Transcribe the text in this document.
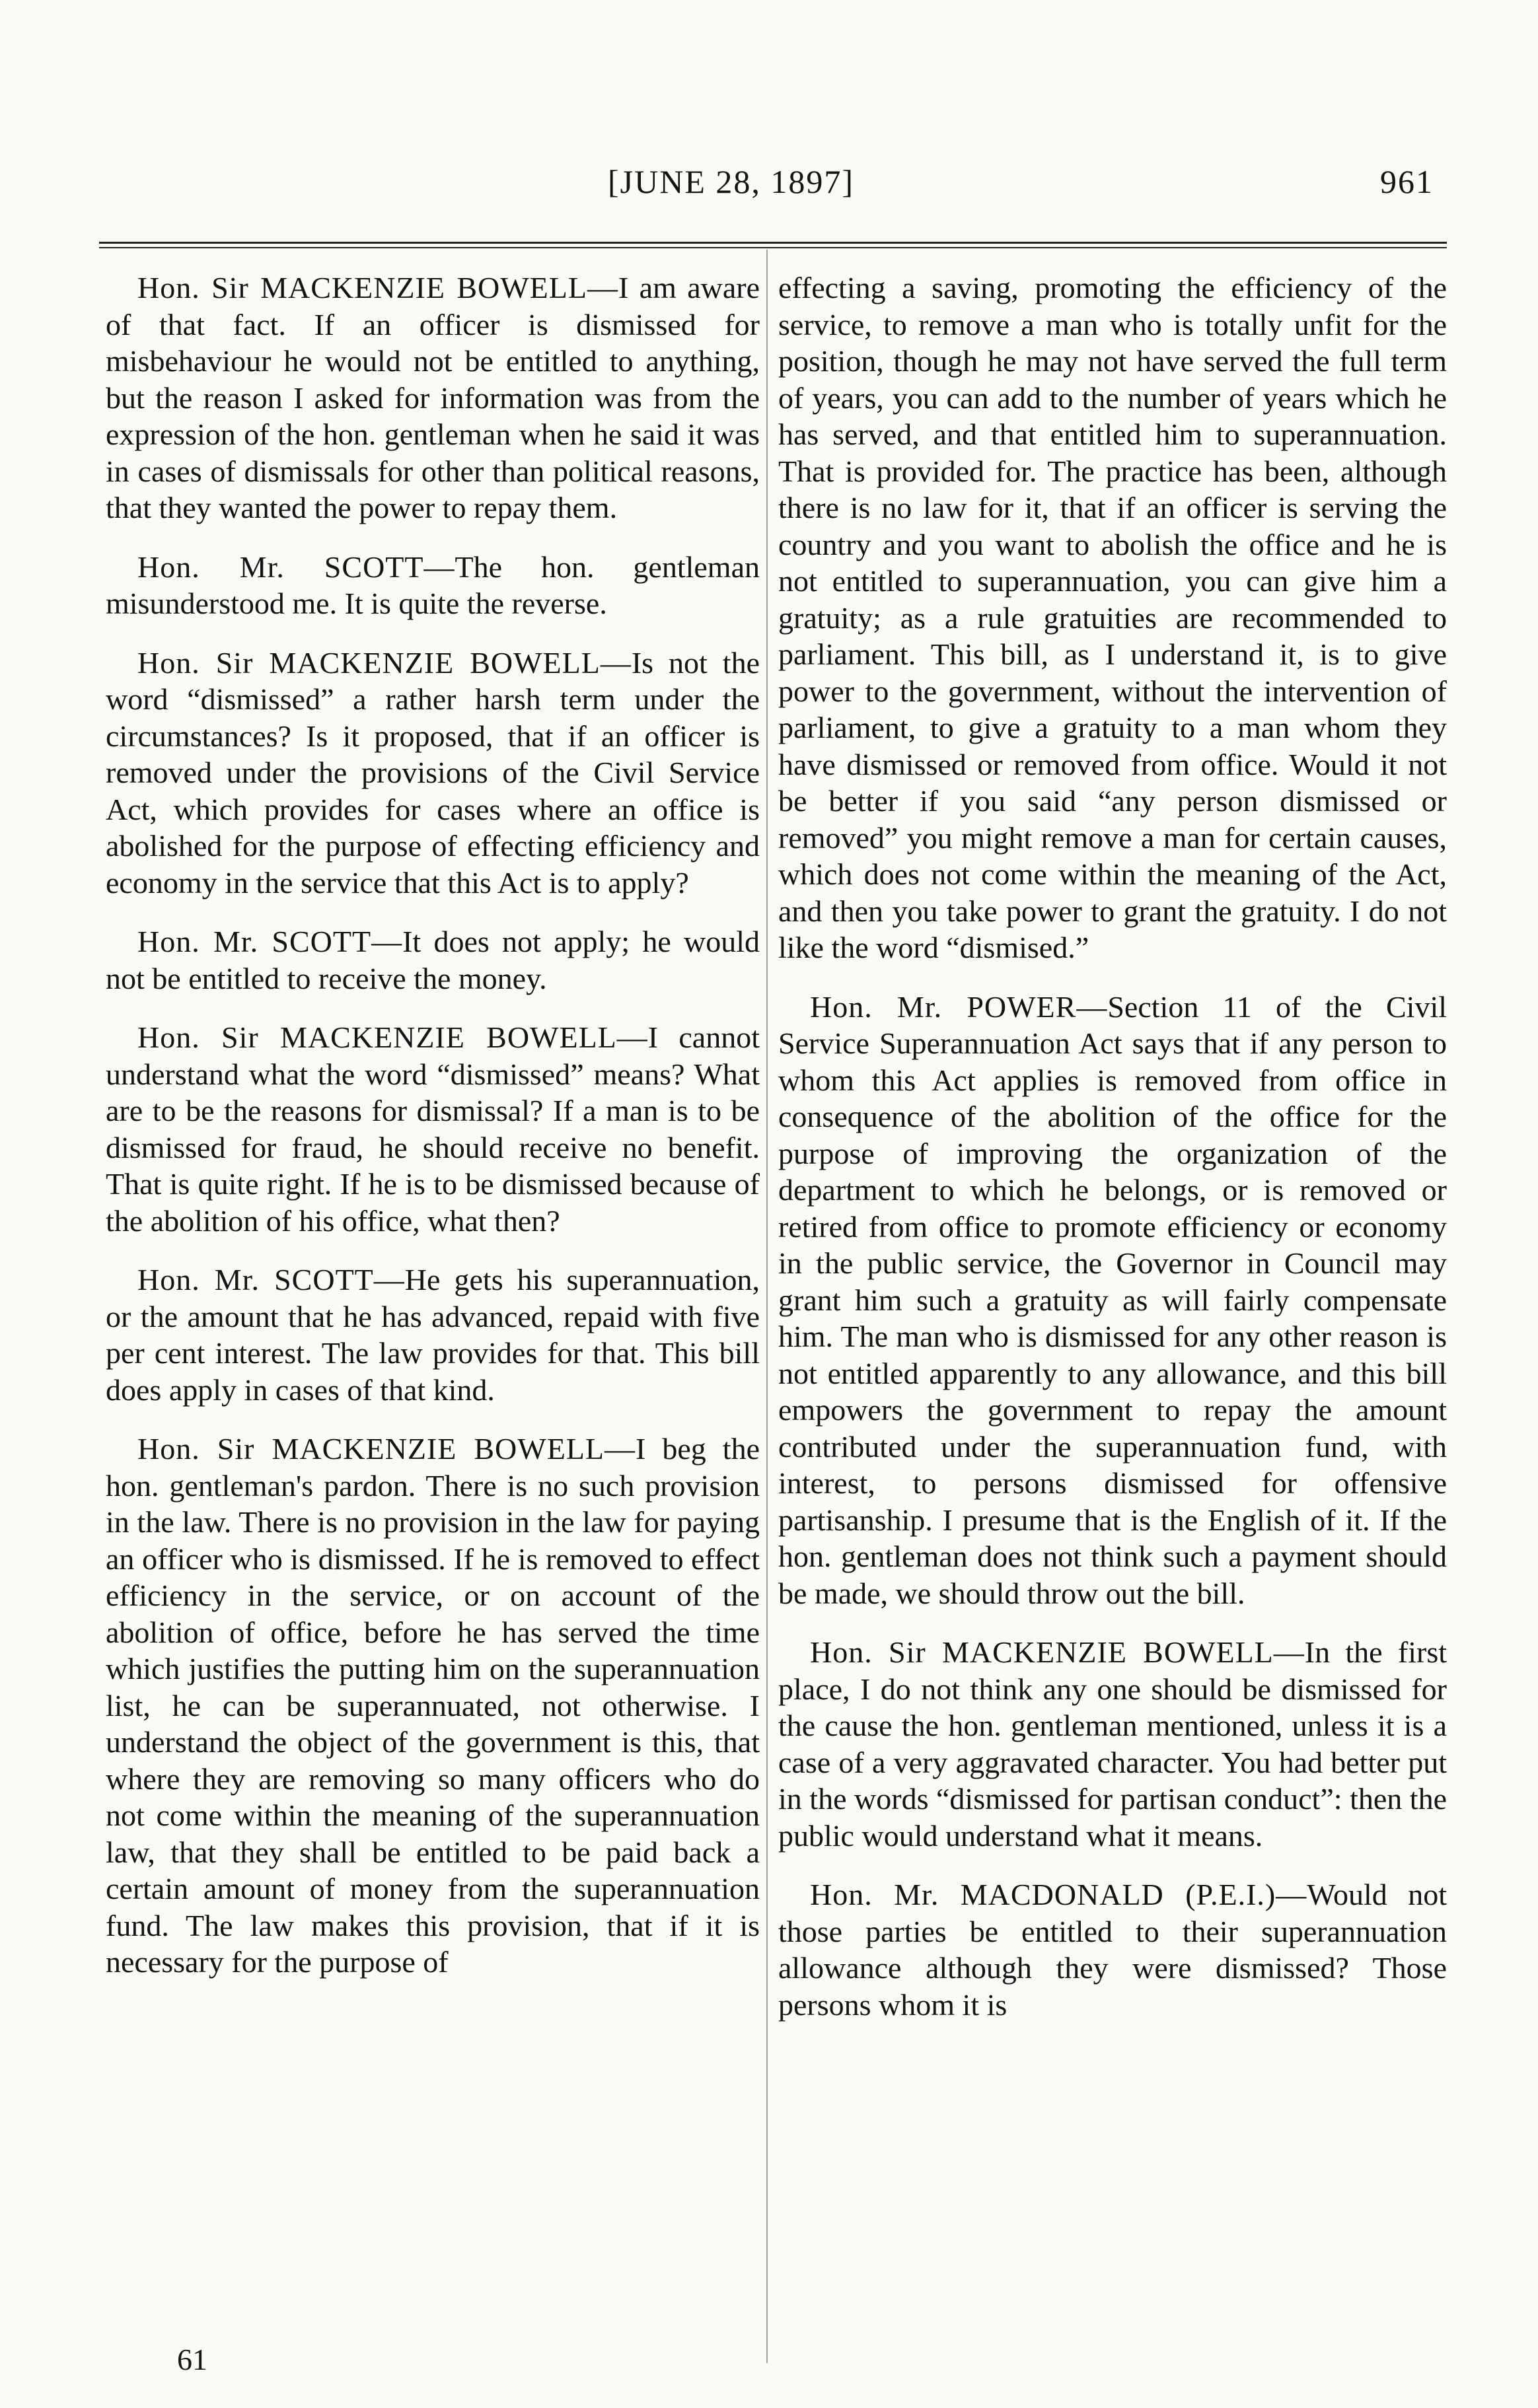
[JUNE 28, 1897]	961

Hon. Sir MACKENZIE BOWELL—I am aware of that fact. If an officer is dismissed for misbehaviour he would not be entitled to anything, but the reason I asked for information was from the expression of the hon. gentleman when he said it was in cases of dismissals for other than political reasons, that they wanted the power to repay them.

Hon. Mr. SCOTT—The hon. gentleman misunderstood me. It is quite the reverse.

Hon. Sir MACKENZIE BOWELL—Is not the word “dismissed” a rather harsh term under the circumstances? Is it proposed, that if an officer is removed under the provisions of the Civil Service Act, which provides for cases where an office is abolished for the purpose of effecting efficiency and economy in the service that this Act is to apply?

Hon. Mr. SCOTT—It does not apply; he would not be entitled to receive the money.

Hon. Sir MACKENZIE BOWELL—I cannot understand what the word “dismissed” means? What are to be the reasons for dismissal? If a man is to be dismissed for fraud, he should receive no benefit. That is quite right. If he is to be dismissed because of the abolition of his office, what then?

Hon. Mr. SCOTT—He gets his superannuation, or the amount that he has advanced, repaid with five per cent interest. The law provides for that. This bill does apply in cases of that kind.

Hon. Sir MACKENZIE BOWELL—I beg the hon. gentleman's pardon. There is no such provision in the law. There is no provision in the law for paying an officer who is dismissed. If he is removed to effect efficiency in the service, or on account of the abolition of office, before he has served the time which justifies the putting him on the superannuation list, he can be superannuated, not otherwise. I understand the object of the government is this, that where they are removing so many officers who do not come within the meaning of the superannuation law, that they shall be entitled to be paid back a certain amount of money from the superannuation fund. The law makes this provision, that if it is necessary for the purpose of

effecting a saving, promoting the efficiency of the service, to remove a man who is totally unfit for the position, though he may not have served the full term of years, you can add to the number of years which he has served, and that entitled him to superannuation. That is provided for. The practice has been, although there is no law for it, that if an officer is serving the country and you want to abolish the office and he is not entitled to superannuation, you can give him a gratuity; as a rule gratuities are recommended to parliament. This bill, as I understand it, is to give power to the government, without the intervention of parliament, to give a gratuity to a man whom they have dismissed or removed from office. Would it not be better if you said “any person dismissed or removed” you might remove a man for certain causes, which does not come within the meaning of the Act, and then you take power to grant the gratuity. I do not like the word “dismised.”

Hon. Mr. POWER—Section 11 of the Civil Service Superannuation Act says that if any person to whom this Act applies is removed from office in consequence of the abolition of the office for the purpose of improving the organization of the department to which he belongs, or is removed or retired from office to promote efficiency or economy in the public service, the Governor in Council may grant him such a gratuity as will fairly compensate him. The man who is dismissed for any other reason is not entitled apparently to any allowance, and this bill empowers the government to repay the amount contributed under the superannuation fund, with interest, to persons dismissed for offensive partisanship. I presume that is the English of it. If the hon. gentleman does not think such a payment should be made, we should throw out the bill.

Hon. Sir MACKENZIE BOWELL—In the first place, I do not think any one should be dismissed for the cause the hon. gentleman mentioned, unless it is a case of a very aggravated character. You had better put in the words “dismissed for partisan conduct”: then the public would understand what it means.

Hon. Mr. MACDONALD (P.E.I.)—Would not those parties be entitled to their superannuation allowance although they were dismissed? Those persons whom it is

61
